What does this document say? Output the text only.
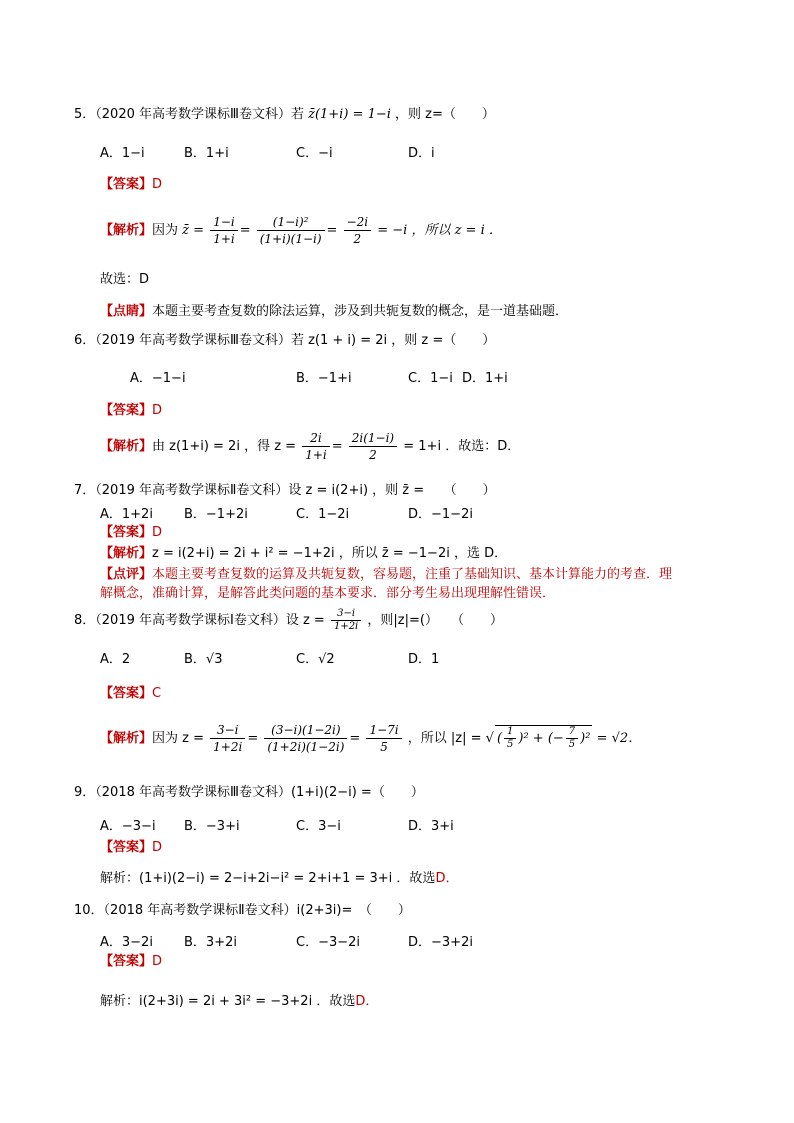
5．（2020 年高考数学课标Ⅲ卷文科）若 z̄(1+i) = 1−i ，则 z=（　　）
A．1−i	B．1+i	C．−i	D．i
【答案】D
【解析】因为 z̄ = $\frac{1-i}{1+i} = \frac{\text{(1−i)²}}{(1+i)(1-i)} = \frac{-2i}{2} = -i$ ，所以 z = i ．
故选：D
【点睛】本题主要考查复数的除法运算，涉及到共轭复数的概念，是一道基础题．
6．（2019 年高考数学课标Ⅲ卷文科）若 z(1 + i) = 2i ，则 z =（　　）
A．−1−i	B．−1+i	C．1−i D．1+i
【答案】D
【解析】由 z(1+i) = 2i ，得 $z = \frac{2i}{1+i} = \frac{2i(1-i)}{2} = 1+i$ ．故选：D．
7．（2019 年高考数学课标Ⅱ卷文科）设 z = i(2+i) ，则 z̄ =　　（　　）
A．1+2i B．−1+2i	C．1−2i	D．−1−2i
【答案】D
【解析】z = i(2+i) = 2i + i² = −1+2i ，所以 z̄ = −1−2i ，选 D．
【点评】本题主要考查复数的运算及共轭复数，容易题，注重了基础知识、基本计算能力的考查．理
解概念，准确计算，是解答此类问题的基本要求．部分考生易出现理解性错误．
8．（2019 年高考数学课标Ⅰ卷文科）设 $z = \frac{3-i}{1+2i}$ ，则|z|=(）　　（　　）
A．2	B．√3	C．√2	D．1
【答案】C
【解析】因为 $z = \frac{3-i}{1+2i} = \frac{(3-i)(1-2i)}{(1+2i)(1-2i)} = \frac{1-7i}{5}$ ，所以 |z| = √ ( $\frac{1}{5} )^2$ + (− $\frac{7}{5} )^2 = √2$．
9．（2018 年高考数学课标Ⅲ卷文科）(1+i)(2−i) =（　　）
A．−3−i B．−3+i	C．3−i	D．3+i
【答案】D
解析：(1+i)(2−i) = 2−i+2i−i² = 2+i+1 = 3+i ．故选D．
10．（2018 年高考数学课标Ⅱ卷文科）i(2+3i)=　（　　）
A．3−2i B．3+2i	C．−3−2i	D．−3+2i
【答案】D
解析：i(2+3i) = 2i + 3i² = −3+2i ．故选D．
